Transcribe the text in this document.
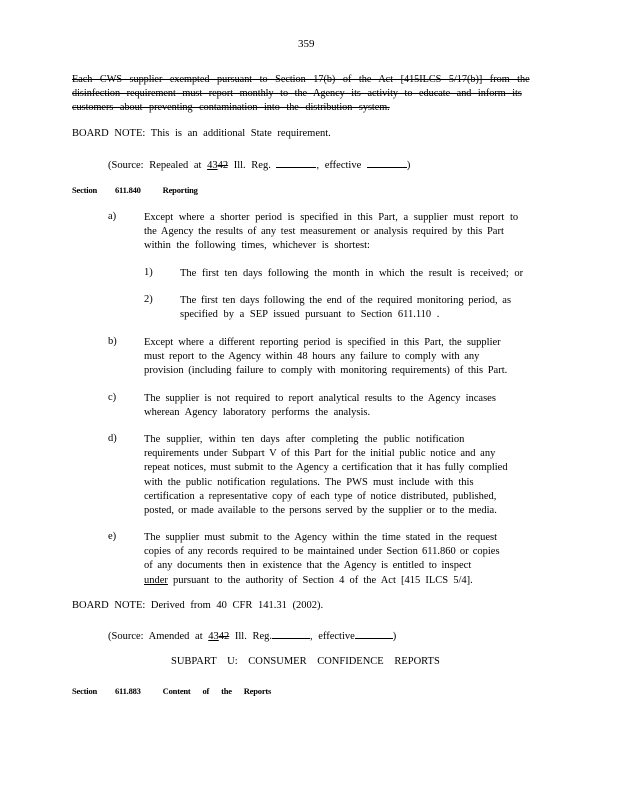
359
Each CWS supplier exempted pursuant to Section 17(b) of the Act [415ILCS 5/17(b)] from the
disinfection requirement must report monthly to the Agency its activity to educate and inform its
customers about preventing contamination into the distribution system.
BOARD NOTE: This is an additional State requirement.
(Source: Repealed at 4342 Ill. Reg.	, effective	)
Section 611.840	Reporting
a)	Except where a shorter period is specified in this Part, a supplier must report to
the Agency the results of any test measurement or analysis required by this Part
within the following times, whichever is shortest:
1)	The first ten days following the month in which the result is received; or
2)	The first ten days following the end of the required monitoring period, as
specified by a SEP issued pursuant to Section 611.110 .
b)	Except where a different reporting period is specified in this Part, the supplier
must report to the Agency within 48 hours any failure to comply with any
provision (including failure to comply with monitoring requirements) of this Part.
c)	The supplier is not required to report analytical results to the Agency incases
wherean Agency laboratory performs the analysis.
d)	The supplier, within ten days after completing the public notification
requirements under Subpart V of this Part for the initial public notice and any
repeat notices, must submit to the Agency a certification that it has fully complied
with the public notification regulations. The PWS must include with this
certification a representative copy of each type of notice distributed, published,
posted, or made available to the persons served by the supplier or to the media.
e)	The supplier must submit to the Agency within the time stated in the request
copies of any records required to be maintained under Section 611.860 or copies
of any documents then in existence that the Agency is entitled to inspect
under pursuant to the authority of Section 4 of the Act [415 ILCS 5/4].
BOARD NOTE: Derived from 40 CFR 141.31 (2002).
(Source: Amended at 4342 Ill. Reg.	, effective	)
SUBPART U: CONSUMER CONFIDENCE REPORTS
Section 611.883	Content of the Reports
